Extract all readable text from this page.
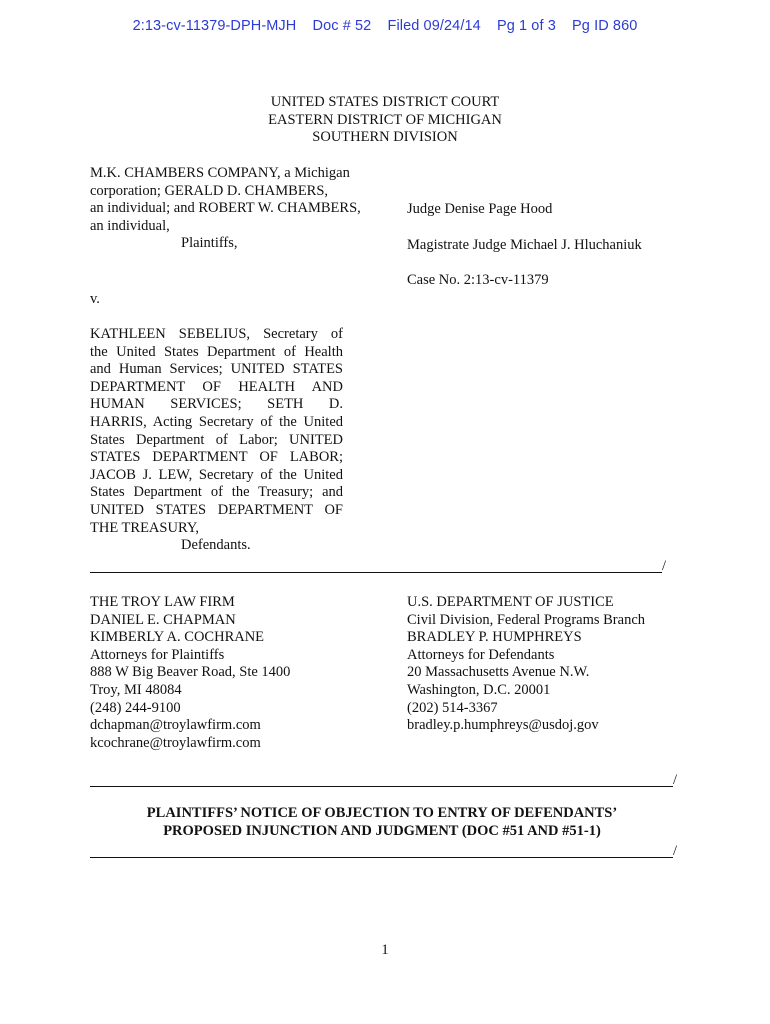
2:13-cv-11379-DPH-MJH Doc # 52 Filed 09/24/14 Pg 1 of 3 Pg ID 860
UNITED STATES DISTRICT COURT
EASTERN DISTRICT OF MICHIGAN
SOUTHERN DIVISION
M.K. CHAMBERS COMPANY, a Michigan
corporation; GERALD D. CHAMBERS,
an individual; and ROBERT W. CHAMBERS,
an individual,
Plaintiffs,
Judge Denise Page Hood
Magistrate Judge Michael J. Hluchaniuk
Case No. 2:13-cv-11379
v.
KATHLEEN SEBELIUS, Secretary of
the United States Department of Health
and Human Services; UNITED STATES
DEPARTMENT OF HEALTH AND
HUMAN SERVICES; SETH D.
HARRIS, Acting Secretary of the United
States Department of Labor; UNITED
STATES DEPARTMENT OF LABOR;
JACOB J. LEW, Secretary of the United
States Department of the Treasury; and
UNITED STATES DEPARTMENT OF
THE TREASURY,
Defendants.
/
THE TROY LAW FIRM
DANIEL E. CHAPMAN
KIMBERLY A. COCHRANE
Attorneys for Plaintiffs
888 W Big Beaver Road, Ste 1400
Troy, MI 48084
(248) 244-9100
dchapman@troylawfirm.com
kcochrane@troylawfirm.com
U.S. DEPARTMENT OF JUSTICE
Civil Division, Federal Programs Branch
BRADLEY P. HUMPHREYS
Attorneys for Defendants
20 Massachusetts Avenue N.W.
Washington, D.C. 20001
(202) 514-3367
bradley.p.humphreys@usdoj.gov
/
PLAINTIFFS’ NOTICE OF OBJECTION TO ENTRY OF DEFENDANTS’
PROPOSED INJUNCTION AND JUDGMENT (DOC #51 AND #51-1)
/
1
